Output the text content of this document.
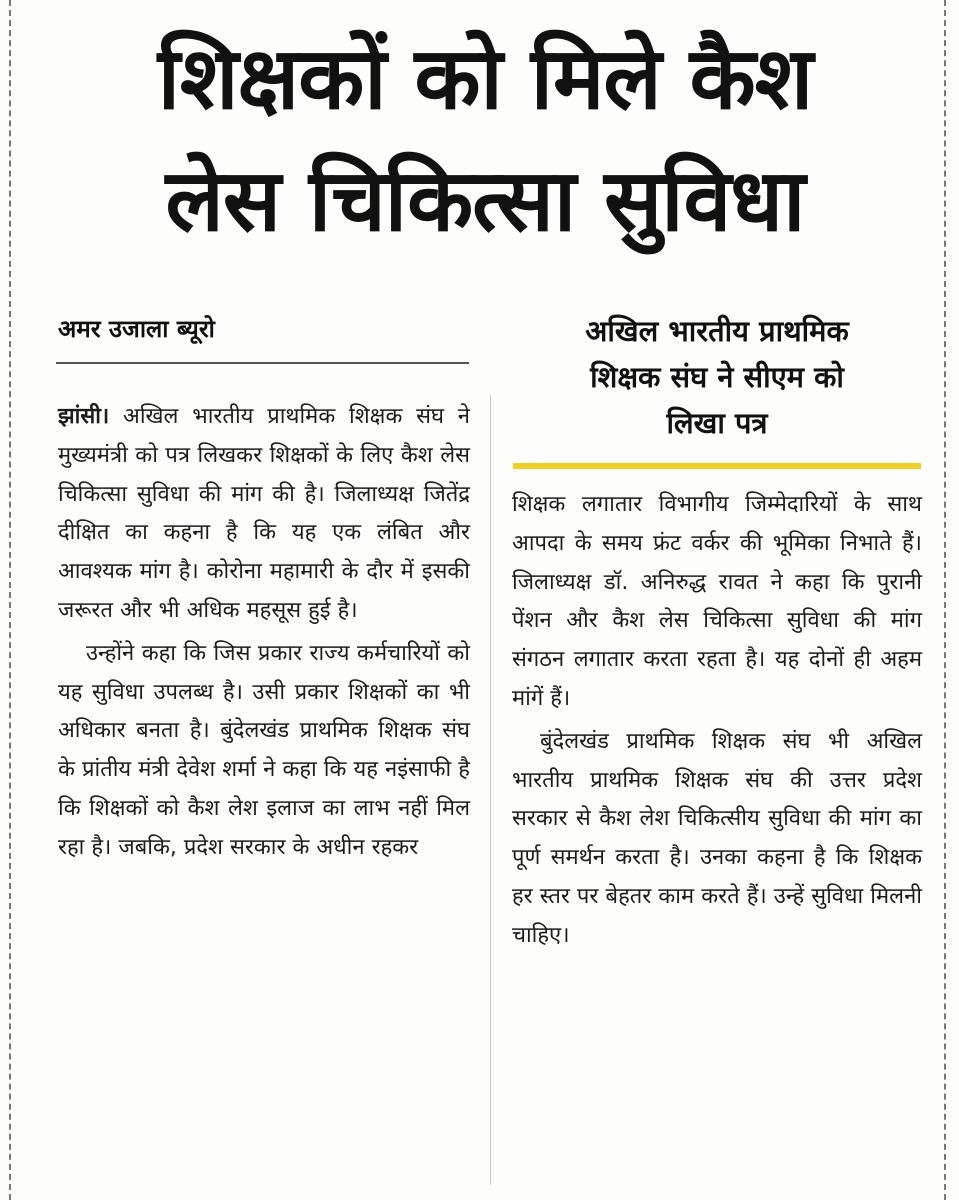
शिक्षकों को मिले कैश
लेस चिकित्सा सुविधा
अमर उजाला ब्यूरो	अखिल भारतीय प्राथमिक
शिक्षक संघ ने सीएम को
लिखा पत्र

झांसी। अखिल भारतीय प्राथमिक शिक्षक संघ ने मुख्यमंत्री को पत्र लिखकर शिक्षकों के लिए कैश लेस चिकित्सा सुविधा की मांग की है। जिलाध्यक्ष जितेंद्र दीक्षित का कहना है कि यह एक लंबित और आवश्यक मांग है। कोरोना महामारी के दौर में इसकी जरूरत और भी अधिक महसूस हुई है।

उन्होंने कहा कि जिस प्रकार राज्य कर्मचारियों को यह सुविधा उपलब्ध है। उसी प्रकार शिक्षकों का भी अधिकार बनता है। बुंदेलखंड प्राथमिक शिक्षक संघ के प्रांतीय मंत्री देवेश शर्मा ने कहा कि यह नइंसाफी है कि शिक्षकों को कैश लेश इलाज का लाभ नहीं मिल रहा है। जबकि, प्रदेश सरकार के अधीन रहकर

शिक्षक लगातार विभागीय जिम्मेदारियों के साथ आपदा के समय फ्रंट वर्कर की भूमिका निभाते हैं। जिलाध्यक्ष डॉ. अनिरुद्ध रावत ने कहा कि पुरानी पेंशन और कैश लेस चिकित्सा सुविधा की मांग संगठन लगातार करता रहता है। यह दोनों ही अहम मांगें हैं।

बुंदेलखंड प्राथमिक शिक्षक संघ भी अखिल भारतीय प्राथमिक शिक्षक संघ की उत्तर प्रदेश सरकार से कैश लेश चिकित्सीय सुविधा की मांग का पूर्ण समर्थन करता है। उनका कहना है कि शिक्षक हर स्तर पर बेहतर काम करते हैं। उन्हें सुविधा मिलनी चाहिए।
